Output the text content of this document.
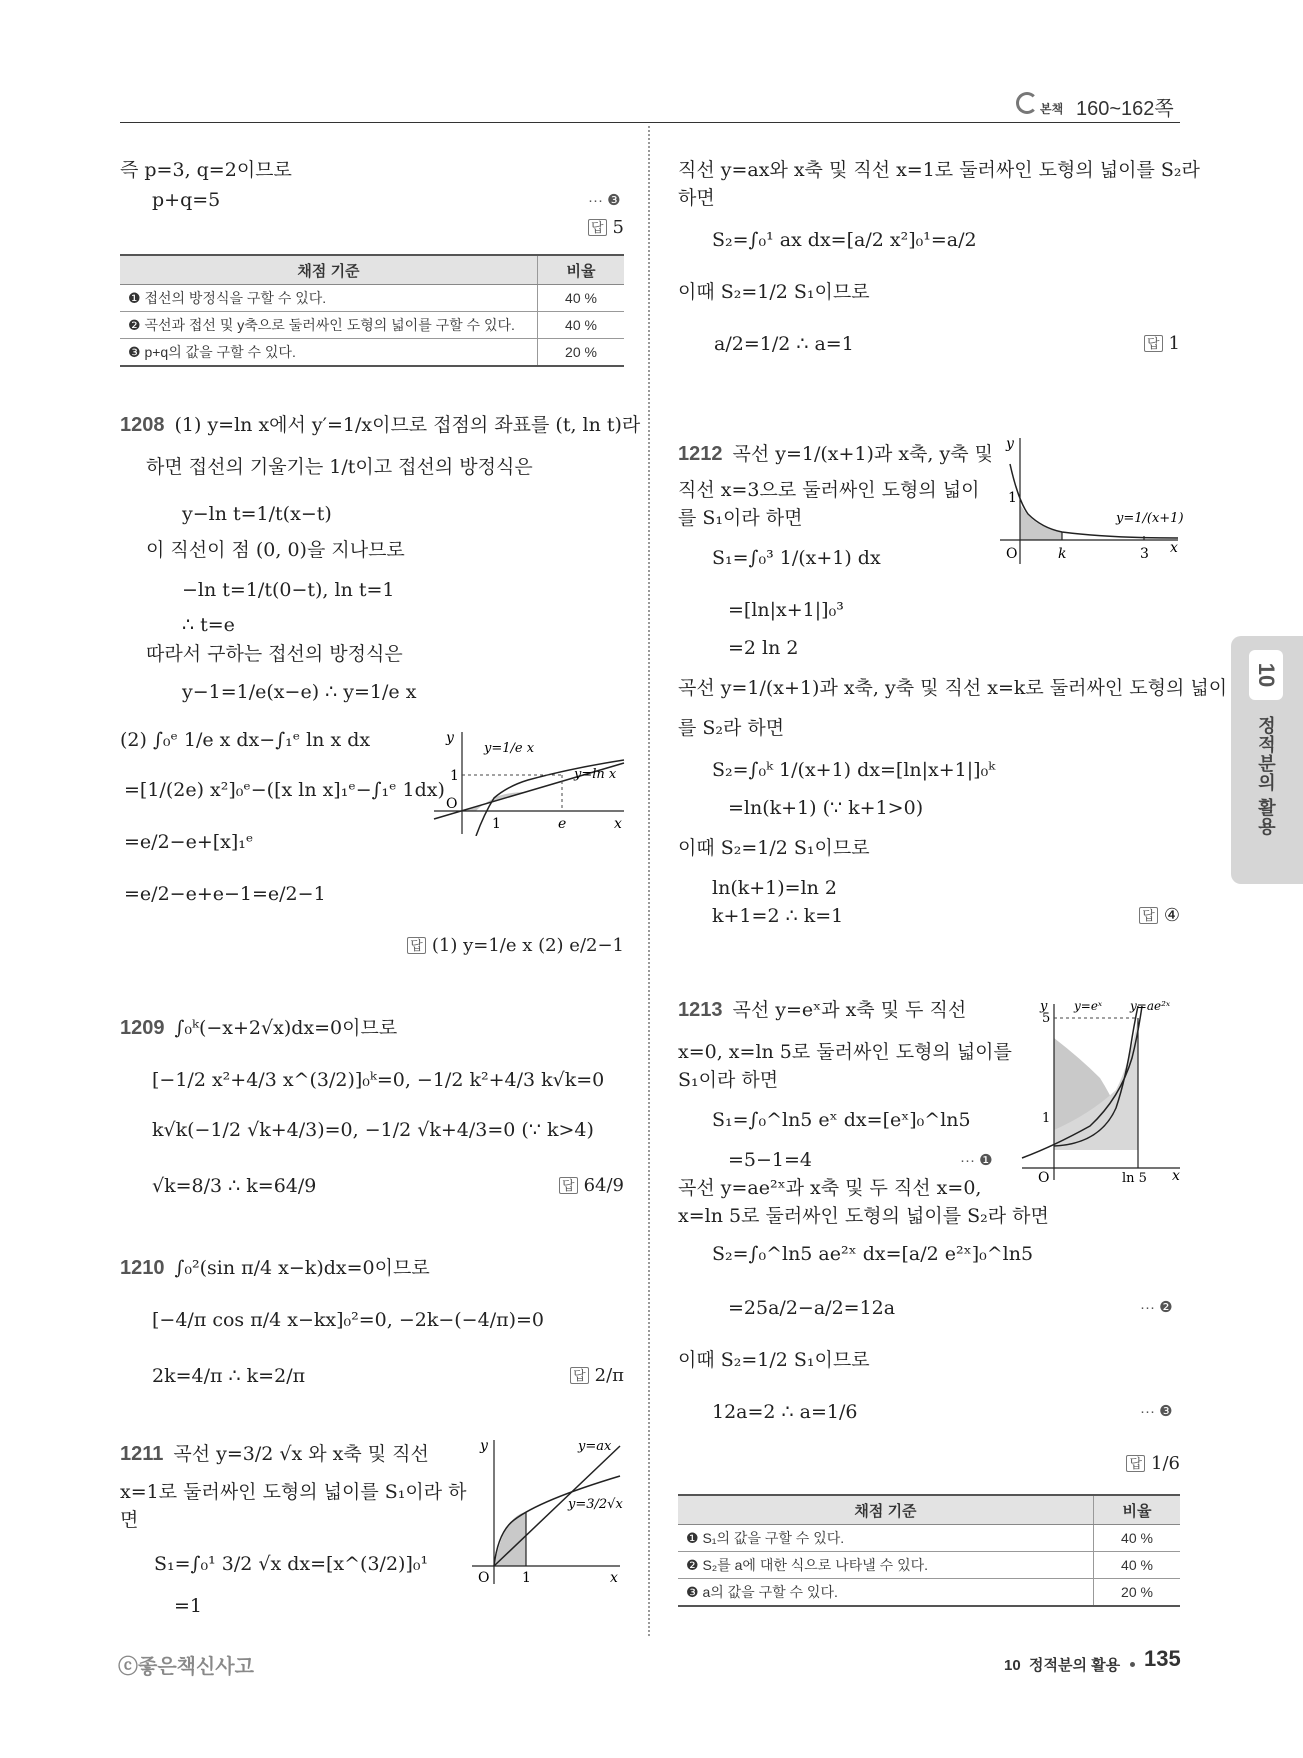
본책 160~162쪽
10
정적분의 활용
즉 p=3, q=2이므로
p+q=5	··· ❸
답 5
채점 기준	비율
❶ 접선의 방정식을 구할 수 있다.	40 %
❷ 곡선과 접선 및 y축으로 둘러싸인 도형의 넓이를 구할 수 있다.	40 %
❸ p+q의 값을 구할 수 있다.	20 %
1208 (1) y=ln x에서 y′=1/x이므로 접점의 좌표를 (t, ln t)라
하면 접선의 기울기는 1/t이고 접선의 방정식은
y−ln t=1/t(x−t)
이 직선이 점 (0, 0)을 지나므로
−ln t=1/t(0−t), ln t=1
∴ t=e
따라서 구하는 접선의 방정식은
y−1=1/e(x−e) ∴ y=1/e x
(2) ∫₀ᵉ 1/e x dx−∫₁ᵉ ln x dx
=[1/(2e) x²]₀ᵉ−([x ln x]₁ᵉ−∫₁ᵉ 1dx)
=e/2−e+[x]₁ᵉ
=e/2−e+e−1=e/2−1
답 (1) y=1/e x (2) e/2−1
y
x
O
1
1	e
y=1/e x
y=ln x
1209 ∫₀ᵏ(−x+2√x)dx=0이므로
[−1/2 x²+4/3 x^(3/2)]₀ᵏ=0, −1/2 k²+4/3 k√k=0
k√k(−1/2 √k+4/3)=0, −1/2 √k+4/3=0 (∵ k>4)
√k=8/3 ∴ k=64/9	답 64/9
1210 ∫₀²(sin π/4 x−k)dx=0이므로
[−4/π cos π/4 x−kx]₀²=0, −2k−(−4/π)=0
2k=4/π ∴ k=2/π	답 2/π
1211 곡선 y=3/2 √x 와 x축 및 직선
x=1로 둘러싸인 도형의 넓이를 S₁이라 하
면
S₁=∫₀¹ 3/2 √x dx=[x^(3/2)]₀¹
=1
y
x
O 1
y=ax
y=3/2√x
직선 y=ax와 x축 및 직선 x=1로 둘러싸인 도형의 넓이를 S₂라
하면
S₂=∫₀¹ ax dx=[a/2 x²]₀¹=a/2
이때 S₂=1/2 S₁이므로
a/2=1/2 ∴ a=1	답 1
1212 곡선 y=1/(x+1)과 x축, y축 및
직선 x=3으로 둘러싸인 도형의 넓이
를 S₁이라 하면
S₁=∫₀³ 1/(x+1) dx
=[ln|x+1|]₀³
=2 ln 2
곡선 y=1/(x+1)과 x축, y축 및 직선 x=k로 둘러싸인 도형의 넓이
를 S₂라 하면
S₂=∫₀ᵏ 1/(x+1) dx=[ln|x+1|]₀ᵏ
=ln(k+1) (∵ k+1>0)
이때 S₂=1/2 S₁이므로
ln(k+1)=ln 2
k+1=2 ∴ k=1	답 ④
y
x
O
1
k	3
y=1/(x+1)
1213 곡선 y=eˣ과 x축 및 두 직선
x=0, x=ln 5로 둘러싸인 도형의 넓이를
S₁이라 하면
S₁=∫₀^ln5 eˣ dx=[eˣ]₀^ln5
=5−1=4	··· ❶
곡선 y=ae²ˣ과 x축 및 두 직선 x=0,
x=ln 5로 둘러싸인 도형의 넓이를 S₂라 하면
S₂=∫₀^ln5 ae²ˣ dx=[a/2 e²ˣ]₀^ln5
=25a/2−a/2=12a	··· ❷
이때 S₂=1/2 S₁이므로
12a=2 ∴ a=1/6	··· ❸
답 1/6
y
x
O
5
1
ln 5
y=eˣ y=ae²ˣ
채점 기준	비율
❶ S₁의 값을 구할 수 있다.	40 %
❷ S₂를 a에 대한 식으로 나타낼 수 있다.	40 %
❸ a의 값을 구할 수 있다.	20 %
ⓒ좋은책신사고	10  정적분의 활용 135
